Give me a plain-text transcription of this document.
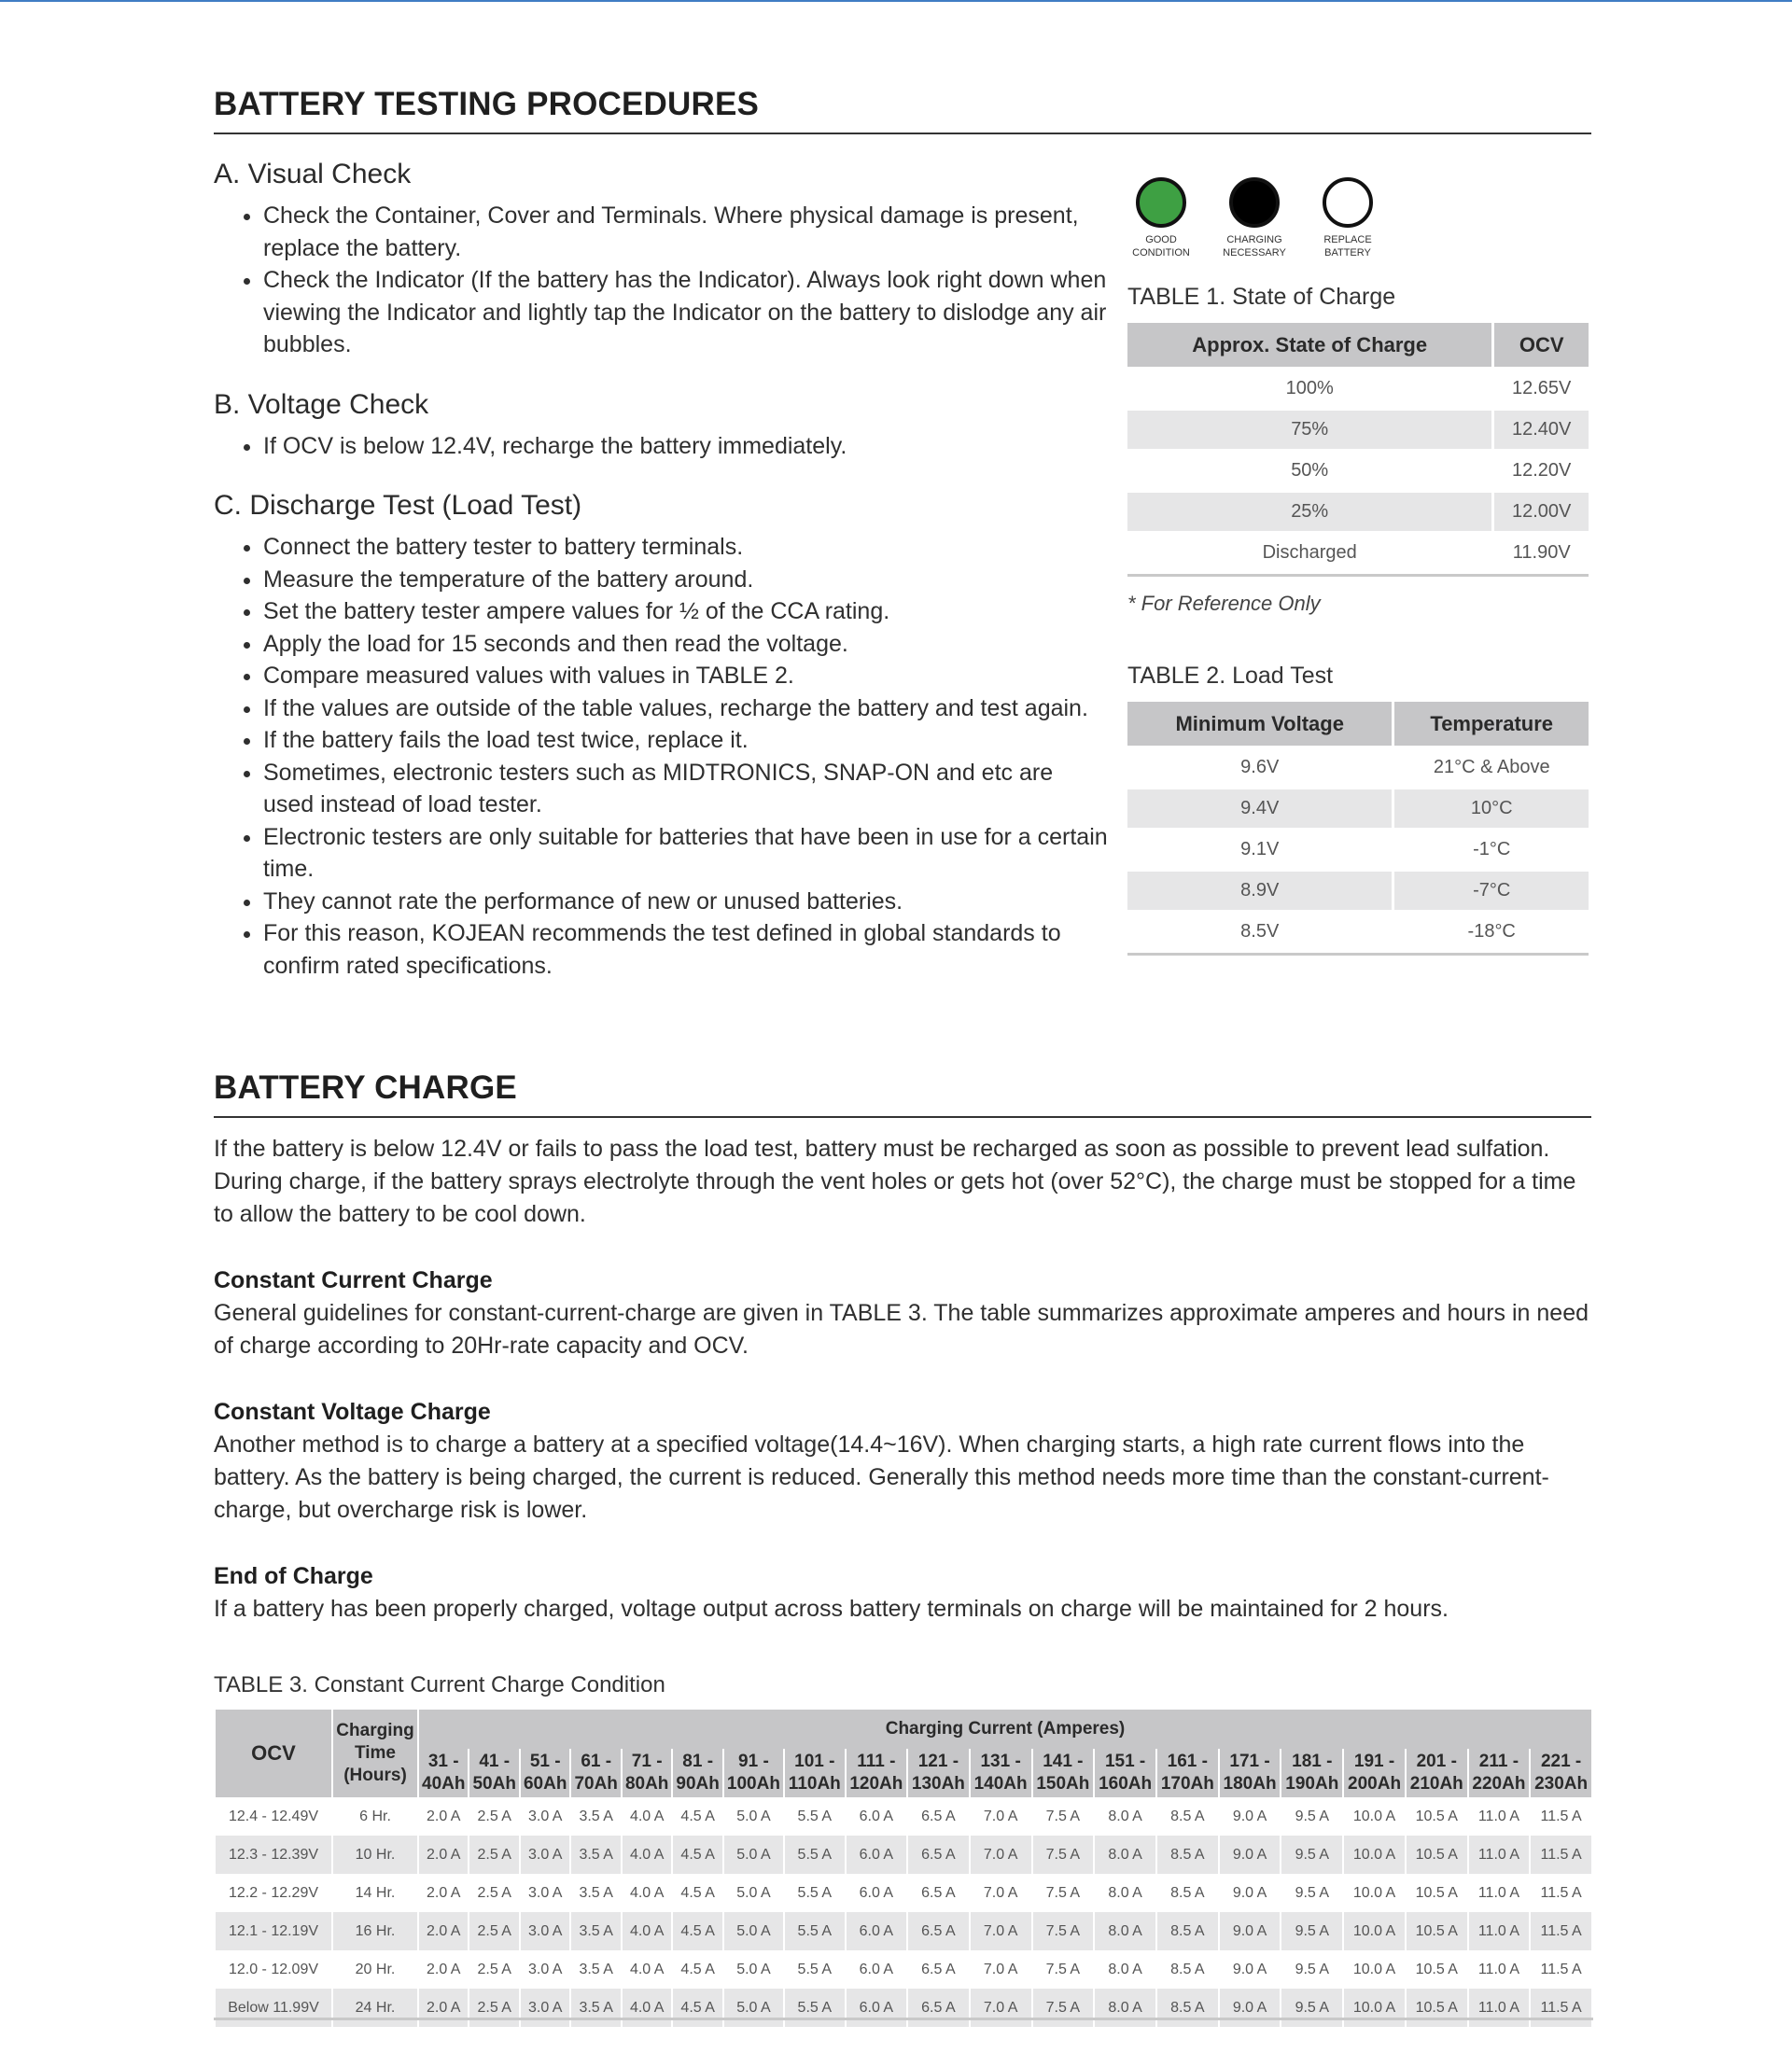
BATTERY TESTING PROCEDURES
A. Visual Check
• Check the Container, Cover and Terminals. Where physical damage is present, replace the battery.
• Check the Indicator (If the battery has the Indicator). Always look right down when viewing the Indicator and lightly tap the Indicator on the battery to dislodge any air bubbles.
B. Voltage Check
• If OCV is below 12.4V, recharge the battery immediately.
C. Discharge Test (Load Test)
• Connect the battery tester to battery terminals.
• Measure the temperature of the battery around.
• Set the battery tester ampere values for ½ of the CCA rating.
• Apply the load for 15 seconds and then read the voltage.
• Compare measured values with values in TABLE 2.
• If the values are outside of the table values, recharge the battery and test again.
• If the battery fails the load test twice, replace it.
• Sometimes, electronic testers such as MIDTRONICS, SNAP-ON and etc are used instead of load tester.
• Electronic testers are only suitable for batteries that have been in use for a certain time.
• They cannot rate the performance of new or unused batteries.
• For this reason, KOJEAN recommends the test defined in global standards to confirm rated specifications.
GOOD
CONDITION
CHARGING
NECESSARY
REPLACE
BATTERY
TABLE 1. State of Charge
Approx. State of Charge	OCV
100%	12.65V
75%	12.40V
50%	12.20V
25%	12.00V
Discharged	11.90V
* For Reference Only
TABLE 2. Load Test
Minimum Voltage	Temperature
9.6V	21°C & Above
9.4V	10°C
9.1V	-1°C
8.9V	-7°C
8.5V	-18°C
BATTERY CHARGE
If the battery is below 12.4V or fails to pass the load test, battery must be recharged as soon as possible to prevent lead sulfation. During charge, if the battery sprays electrolyte through the vent holes or gets hot (over 52°C), the charge must be stopped for a time to allow the battery to be cool down.
Constant Current Charge
General guidelines for constant-current-charge are given in TABLE 3. The table summarizes approximate amperes and hours in need of charge according to 20Hr-rate capacity and OCV.
Constant Voltage Charge
Another method is to charge a battery at a specified voltage(14.4~16V). When charging starts, a high rate current flows into the battery. As the battery is being charged, the current is reduced. Generally this method needs more time than the constant-current-charge, but overcharge risk is lower.
End of Charge
If a battery has been properly charged, voltage output across battery terminals on charge will be maintained for 2 hours.
TABLE 3. Constant Current Charge Condition
OCV	Charging Time (Hours)	Charging Current (Amperes)																			
		31 - 40Ah	41 - 50Ah	51 - 60Ah	61 - 70Ah	71 - 80Ah	81 - 90Ah	91 - 100Ah	101 - 110Ah	111 - 120Ah	121 - 130Ah	131 - 140Ah	141 - 150Ah	151 - 160Ah	161 - 170Ah	171 - 180Ah	181 - 190Ah	191 - 200Ah	201 - 210Ah	211 - 220Ah	221 - 230Ah
12.4 - 12.49V	6 Hr.	2.0 A	2.5 A	3.0 A	3.5 A	4.0 A	4.5 A	5.0 A	5.5 A	6.0 A	6.5 A	7.0 A	7.5 A	8.0 A	8.5 A	9.0 A	9.5 A	10.0 A	10.5 A	11.0 A	11.5 A
12.3 - 12.39V	10 Hr.	2.0 A	2.5 A	3.0 A	3.5 A	4.0 A	4.5 A	5.0 A	5.5 A	6.0 A	6.5 A	7.0 A	7.5 A	8.0 A	8.5 A	9.0 A	9.5 A	10.0 A	10.5 A	11.0 A	11.5 A
12.2 - 12.29V	14 Hr.	2.0 A	2.5 A	3.0 A	3.5 A	4.0 A	4.5 A	5.0 A	5.5 A	6.0 A	6.5 A	7.0 A	7.5 A	8.0 A	8.5 A	9.0 A	9.5 A	10.0 A	10.5 A	11.0 A	11.5 A
12.1 - 12.19V	16 Hr.	2.0 A	2.5 A	3.0 A	3.5 A	4.0 A	4.5 A	5.0 A	5.5 A	6.0 A	6.5 A	7.0 A	7.5 A	8.0 A	8.5 A	9.0 A	9.5 A	10.0 A	10.5 A	11.0 A	11.5 A
12.0 - 12.09V	20 Hr.	2.0 A	2.5 A	3.0 A	3.5 A	4.0 A	4.5 A	5.0 A	5.5 A	6.0 A	6.5 A	7.0 A	7.5 A	8.0 A	8.5 A	9.0 A	9.5 A	10.0 A	10.5 A	11.0 A	11.5 A
Below 11.99V	24 Hr.	2.0 A	2.5 A	3.0 A	3.5 A	4.0 A	4.5 A	5.0 A	5.5 A	6.0 A	6.5 A	7.0 A	7.5 A	8.0 A	8.5 A	9.0 A	9.5 A	10.0 A	10.5 A	11.0 A	11.5 A
